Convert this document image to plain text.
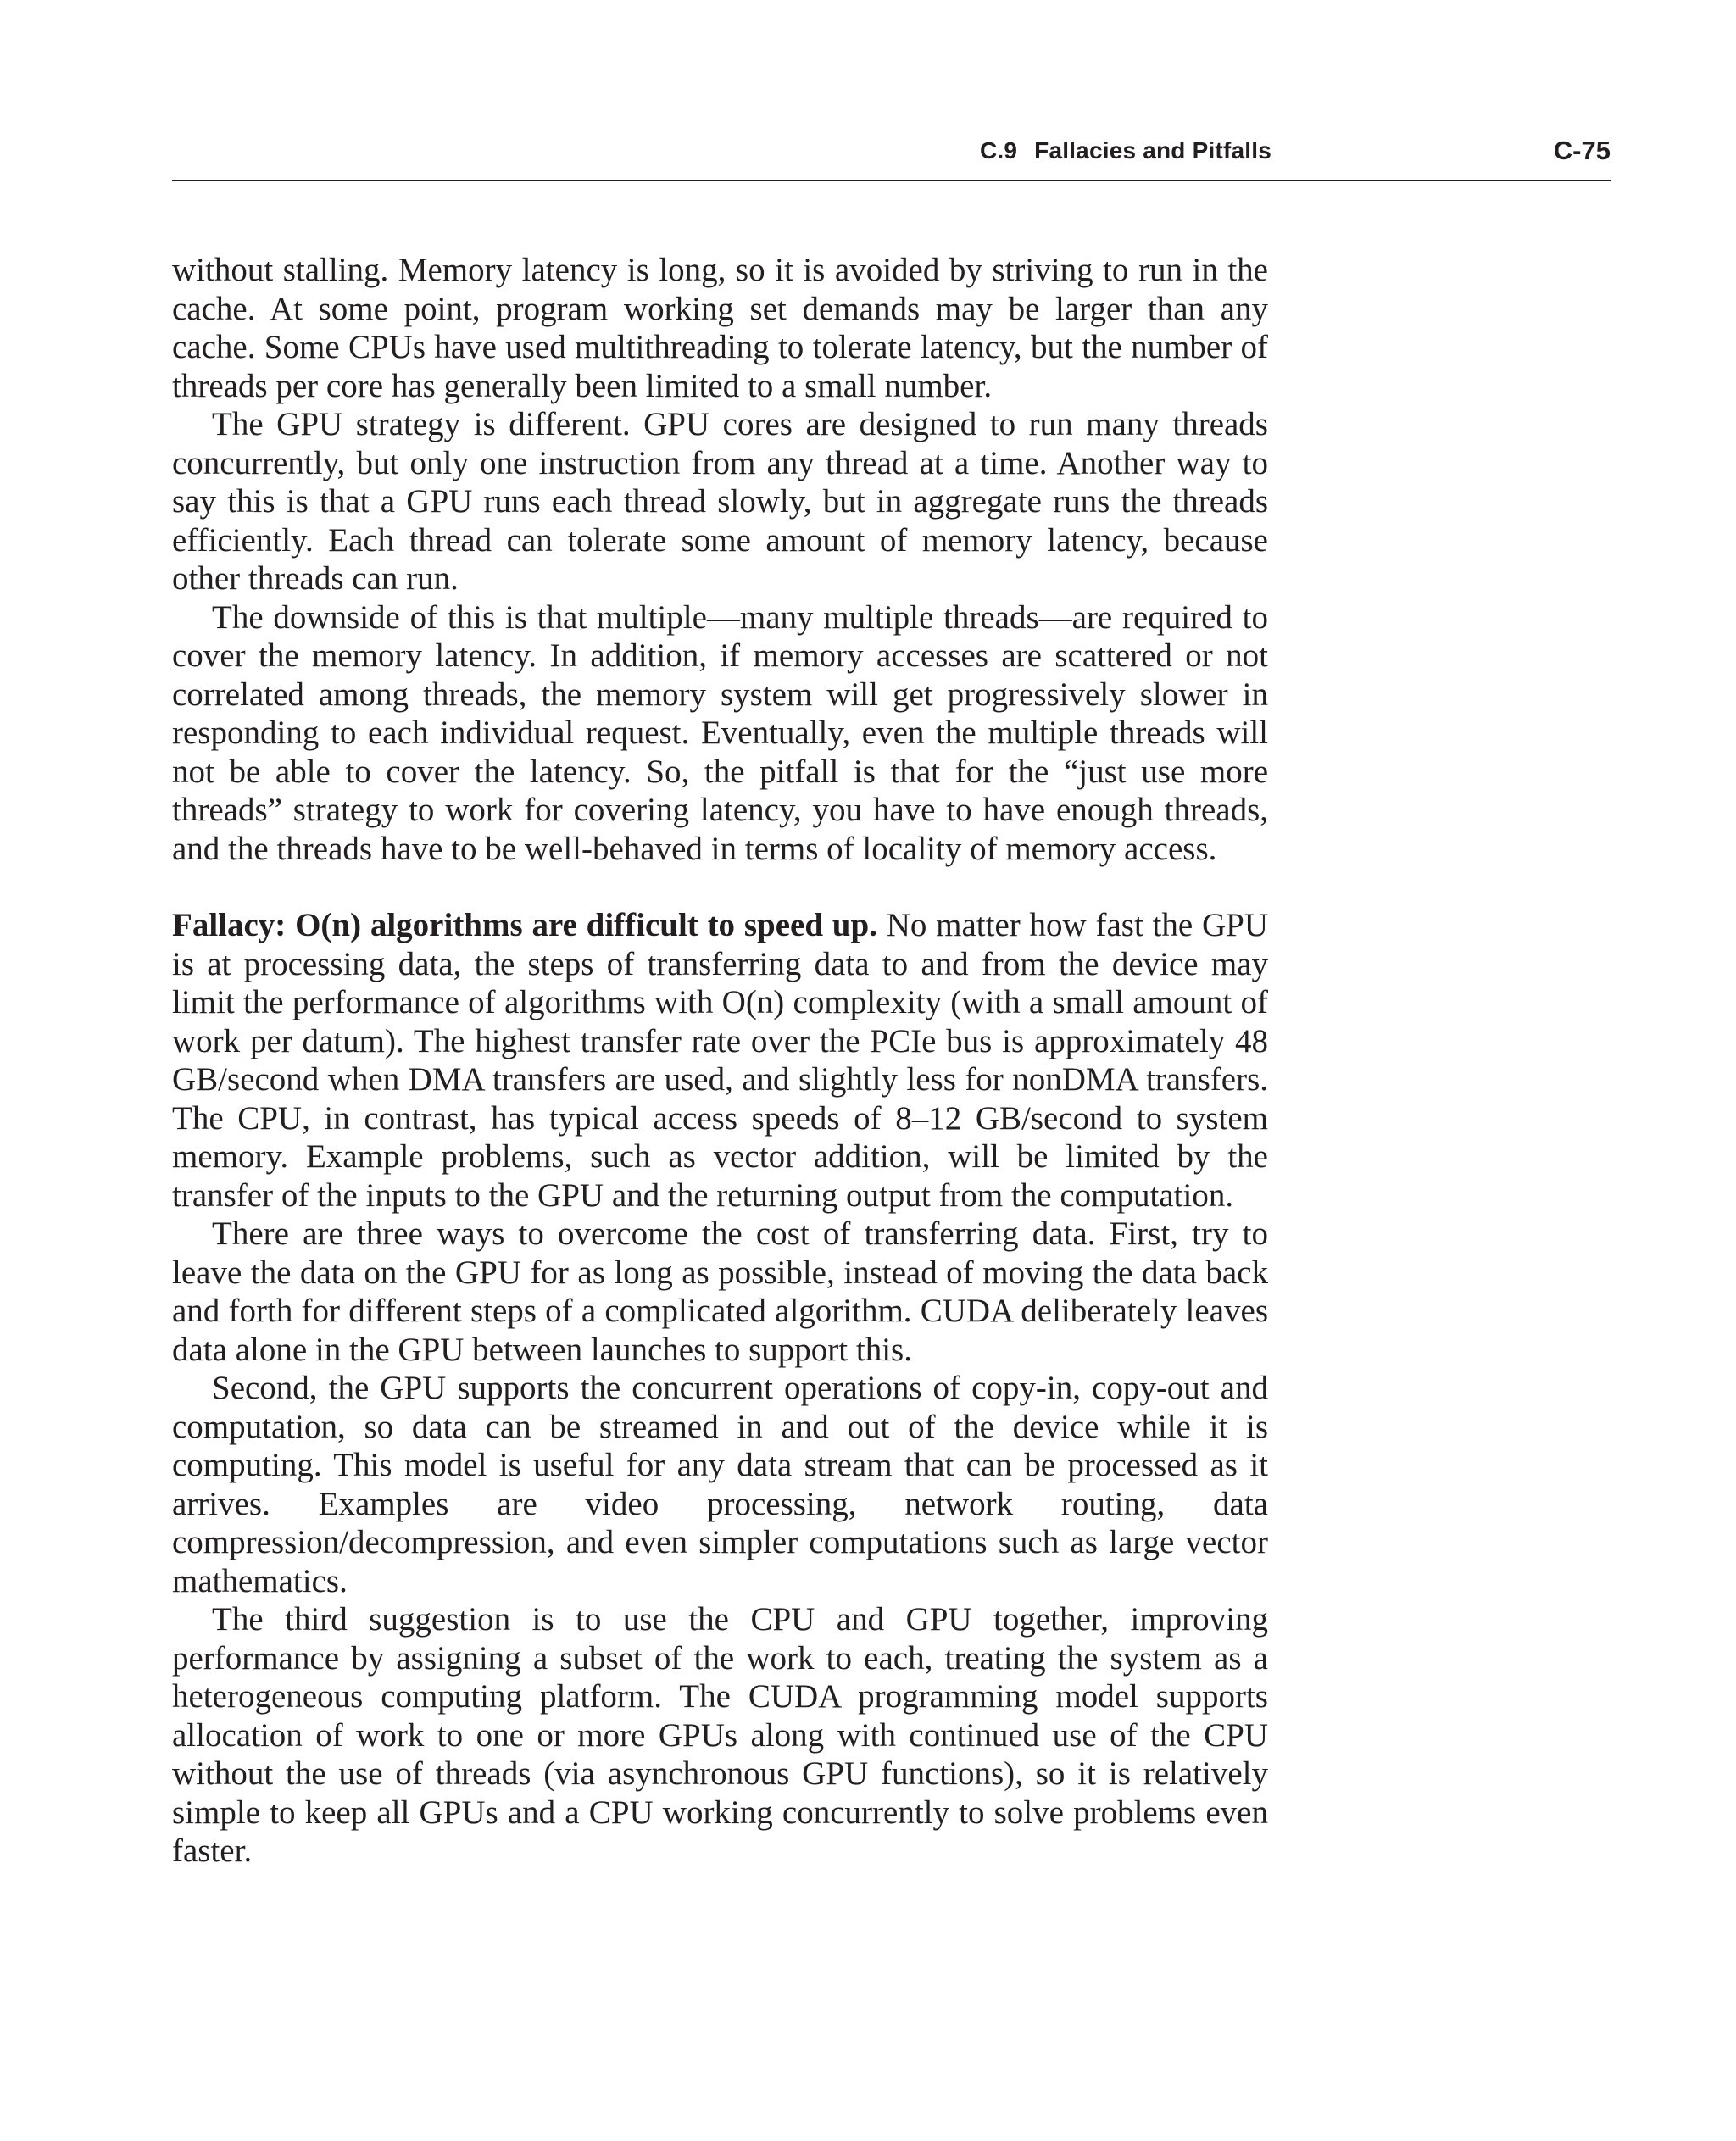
C.9 Fallacies and Pitfalls	C-75

without stalling. Memory latency is long, so it is avoided by striving to run in the cache. At some point, program working set demands may be larger than any cache. Some CPUs have used multithreading to tolerate latency, but the number of threads per core has generally been limited to a small number.

The GPU strategy is different. GPU cores are designed to run many threads concurrently, but only one instruction from any thread at a time. Another way to say this is that a GPU runs each thread slowly, but in aggregate runs the threads efficiently. Each thread can tolerate some amount of memory latency, because other threads can run.

The downside of this is that multiple—many multiple threads—are required to cover the memory latency. In addition, if memory accesses are scattered or not correlated among threads, the memory system will get progressively slower in responding to each individual request. Eventually, even the multiple threads will not be able to cover the latency. So, the pitfall is that for the “just use more threads” strategy to work for covering latency, you have to have enough threads, and the threads have to be well-behaved in terms of locality of memory access.

Fallacy: O(n) algorithms are difficult to speed up. No matter how fast the GPU is at processing data, the steps of transferring data to and from the device may limit the performance of algorithms with O(n) complexity (with a small amount of work per datum). The highest transfer rate over the PCIe bus is approximately 48 GB/second when DMA transfers are used, and slightly less for nonDMA transfers. The CPU, in contrast, has typical access speeds of 8–12 GB/second to system memory. Example problems, such as vector addition, will be limited by the transfer of the inputs to the GPU and the returning output from the computation.

There are three ways to overcome the cost of transferring data. First, try to leave the data on the GPU for as long as possible, instead of moving the data back and forth for different steps of a complicated algorithm. CUDA deliberately leaves data alone in the GPU between launches to support this.

Second, the GPU supports the concurrent operations of copy-in, copy-out and computation, so data can be streamed in and out of the device while it is computing. This model is useful for any data stream that can be processed as it arrives. Examples are video processing, network routing, data compression/decompression, and even simpler computations such as large vector mathematics.

The third suggestion is to use the CPU and GPU together, improving performance by assigning a subset of the work to each, treating the system as a heterogeneous computing platform. The CUDA programming model supports allocation of work to one or more GPUs along with continued use of the CPU without the use of threads (via asynchronous GPU functions), so it is relatively simple to keep all GPUs and a CPU working concurrently to solve problems even faster.
